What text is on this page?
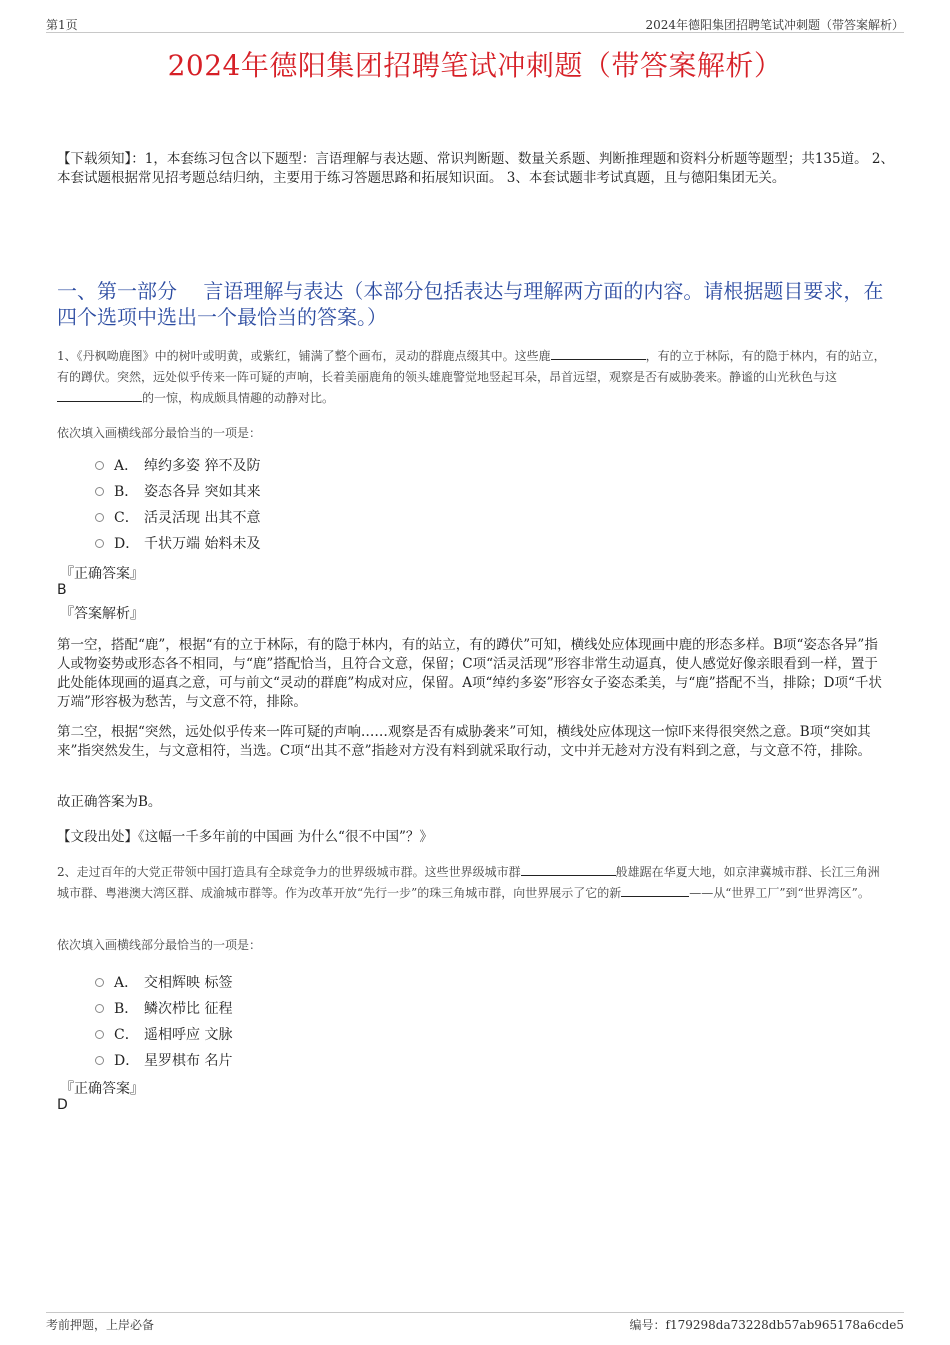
第1页	2024年德阳集团招聘笔试冲刺题（带答案解析）
2024年德阳集团招聘笔试冲刺题（带答案解析）
【下载须知】：1，本套练习包含以下题型：言语理解与表达题、常识判断题、数量关系题、判断推理题和资料分析题等题型；共135道。 2、本套试题根据常见招考题总结归纳，主要用于练习答题思路和拓展知识面。 3、本套试题非考试真题，且与德阳集团无关。
一、第一部分　 言语理解与表达（本部分包括表达与理解两方面的内容。请根据题目要求，在四个选项中选出一个最恰当的答案。）
1、《丹枫呦鹿图》中的树叶或明黄，或紫红，铺满了整个画布，灵动的群鹿点缀其中。这些鹿	，有的立于林际，有的隐于林内，有的站立，有的蹲伏。突然，远处似乎传来一阵可疑的声响，长着美丽鹿角的领头雄鹿警觉地竖起耳朵，昂首远望，观察是否有威胁袭来。静谧的山光秋色与这的一惊，构成颇具情趣的动静对比。
依次填入画横线部分最恰当的一项是：
A． 绰约多姿 猝不及防
B． 姿态各异 突如其来
C． 活灵活现 出其不意
D． 千状万端 始料未及
『正确答案』
B
『答案解析』
第一空，搭配“鹿”，根据“有的立于林际，有的隐于林内，有的站立，有的蹲伏”可知，横线处应体现画中鹿的形态多样。B项“姿态各异”指人或物姿势或形态各不相同，与“鹿”搭配恰当，且符合文意，保留；C项“活灵活现”形容非常生动逼真，使人感觉好像亲眼看到一样，置于此处能体现画的逼真之意，可与前文“灵动的群鹿”构成对应，保留。A项“绰约多姿”形容女子姿态柔美，与“鹿”搭配不当，排除；D项“千状万端”形容极为愁苦，与文意不符，排除。
第二空，根据“突然，远处似乎传来一阵可疑的声响……观察是否有威胁袭来”可知，横线处应体现这一惊吓来得很突然之意。B项“突如其来”指突然发生，与文意相符，当选。C项“出其不意”指趁对方没有料到就采取行动，文中并无趁对方没有料到之意，与文意不符，排除。
故正确答案为B。
【文段出处】《这幅一千多年前的中国画 为什么“很不中国”？》
2、走过百年的大党正带领中国打造具有全球竞争力的世界级城市群。这些世界级城市群	般雄踞在华夏大地，如京津冀城市群、长江三角洲城市群、粤港澳大湾区群、成渝城市群等。作为改革开放“先行一步”的珠三角城市群，向世界展示了它的新	——从“世界工厂”到“世界湾区”。
依次填入画横线部分最恰当的一项是：
A． 交相辉映 标签
B． 鳞次栉比 征程
C． 遥相呼应 文脉
D． 星罗棋布 名片
『正确答案』
D
考前押题，上岸必备	编号：f179298da73228db57ab965178a6cde5
